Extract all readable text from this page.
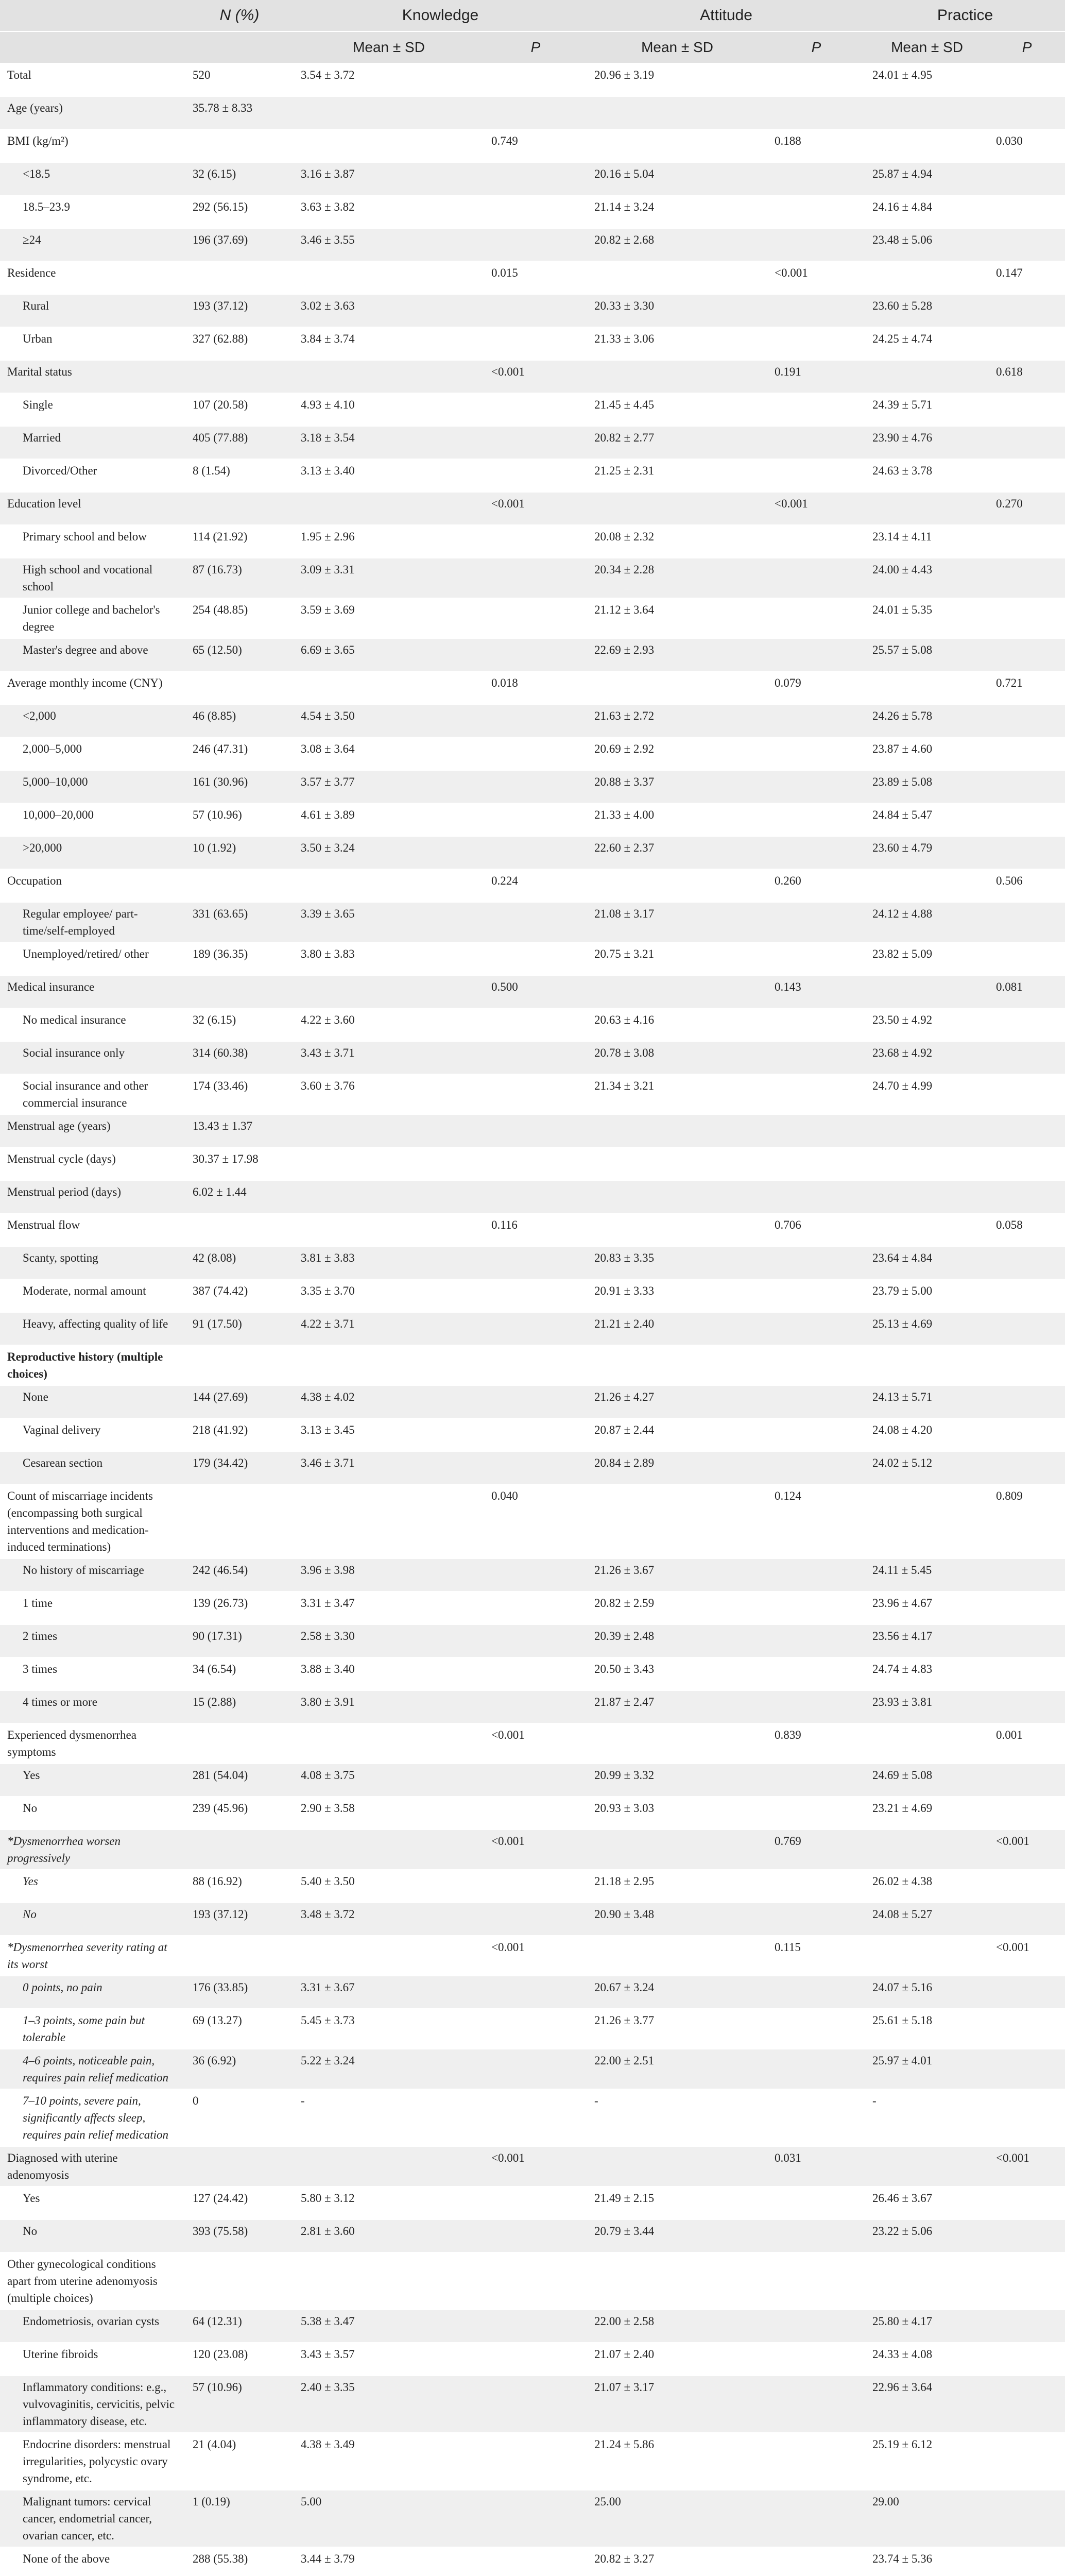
	N (%)	Knowledge		Attitude		Practice	
		Mean ± SD	P	Mean ± SD	P	Mean ± SD	P
Total	520	3.54 ± 3.72		20.96 ± 3.19		24.01 ± 4.95	
Age (years)	35.78 ± 8.33						
BMI (kg/m²)			0.749		0.188		0.030
<18.5	32 (6.15)	3.16 ± 3.87		20.16 ± 5.04		25.87 ± 4.94	
18.5–23.9	292 (56.15)	3.63 ± 3.82		21.14 ± 3.24		24.16 ± 4.84	
≥24	196 (37.69)	3.46 ± 3.55		20.82 ± 2.68		23.48 ± 5.06	
Residence			0.015		<0.001		0.147
Rural	193 (37.12)	3.02 ± 3.63		20.33 ± 3.30		23.60 ± 5.28	
Urban	327 (62.88)	3.84 ± 3.74		21.33 ± 3.06		24.25 ± 4.74	
Marital status			<0.001		0.191		0.618
Single	107 (20.58)	4.93 ± 4.10		21.45 ± 4.45		24.39 ± 5.71	
Married	405 (77.88)	3.18 ± 3.54		20.82 ± 2.77		23.90 ± 4.76	
Divorced/Other	8 (1.54)	3.13 ± 3.40		21.25 ± 2.31		24.63 ± 3.78	
Education level			<0.001		<0.001		0.270
Primary school and below	114 (21.92)	1.95 ± 2.96		20.08 ± 2.32		23.14 ± 4.11	
High school and vocational school	87 (16.73)	3.09 ± 3.31		20.34 ± 2.28		24.00 ± 4.43	
Junior college and bachelor's degree	254 (48.85)	3.59 ± 3.69		21.12 ± 3.64		24.01 ± 5.35	
Master's degree and above	65 (12.50)	6.69 ± 3.65		22.69 ± 2.93		25.57 ± 5.08	
Average monthly income (CNY)			0.018		0.079		0.721
<2,000	46 (8.85)	4.54 ± 3.50		21.63 ± 2.72		24.26 ± 5.78	
2,000–5,000	246 (47.31)	3.08 ± 3.64		20.69 ± 2.92		23.87 ± 4.60	
5,000–10,000	161 (30.96)	3.57 ± 3.77		20.88 ± 3.37		23.89 ± 5.08	
10,000–20,000	57 (10.96)	4.61 ± 3.89		21.33 ± 4.00		24.84 ± 5.47	
>20,000	10 (1.92)	3.50 ± 3.24		22.60 ± 2.37		23.60 ± 4.79	
Occupation			0.224		0.260		0.506
Regular employee/ part-time/self-employed	331 (63.65)	3.39 ± 3.65		21.08 ± 3.17		24.12 ± 4.88	
Unemployed/retired/ other	189 (36.35)	3.80 ± 3.83		20.75 ± 3.21		23.82 ± 5.09	
Medical insurance			0.500		0.143		0.081
No medical insurance	32 (6.15)	4.22 ± 3.60		20.63 ± 4.16		23.50 ± 4.92	
Social insurance only	314 (60.38)	3.43 ± 3.71		20.78 ± 3.08		23.68 ± 4.92	
Social insurance and other commercial insurance	174 (33.46)	3.60 ± 3.76		21.34 ± 3.21		24.70 ± 4.99	
Menstrual age (years)	13.43 ± 1.37						
Menstrual cycle (days)	30.37 ± 17.98						
Menstrual period (days)	6.02 ± 1.44						
Menstrual flow			0.116		0.706		0.058
Scanty, spotting	42 (8.08)	3.81 ± 3.83		20.83 ± 3.35		23.64 ± 4.84	
Moderate, normal amount	387 (74.42)	3.35 ± 3.70		20.91 ± 3.33		23.79 ± 5.00	
Heavy, affecting quality of life	91 (17.50)	4.22 ± 3.71		21.21 ± 2.40		25.13 ± 4.69	
Reproductive history (multiple choices)							
None	144 (27.69)	4.38 ± 4.02		21.26 ± 4.27		24.13 ± 5.71	
Vaginal delivery	218 (41.92)	3.13 ± 3.45		20.87 ± 2.44		24.08 ± 4.20	
Cesarean section	179 (34.42)	3.46 ± 3.71		20.84 ± 2.89		24.02 ± 5.12	
Count of miscarriage incidents (encompassing both surgical interventions and medication-induced terminations)			0.040		0.124		0.809
No history of miscarriage	242 (46.54)	3.96 ± 3.98		21.26 ± 3.67		24.11 ± 5.45	
1 time	139 (26.73)	3.31 ± 3.47		20.82 ± 2.59		23.96 ± 4.67	
2 times	90 (17.31)	2.58 ± 3.30		20.39 ± 2.48		23.56 ± 4.17	
3 times	34 (6.54)	3.88 ± 3.40		20.50 ± 3.43		24.74 ± 4.83	
4 times or more	15 (2.88)	3.80 ± 3.91		21.87 ± 2.47		23.93 ± 3.81	
Experienced dysmenorrhea symptoms			<0.001		0.839		0.001
Yes	281 (54.04)	4.08 ± 3.75		20.99 ± 3.32		24.69 ± 5.08	
No	239 (45.96)	2.90 ± 3.58		20.93 ± 3.03		23.21 ± 4.69	
*Dysmenorrhea worsen progressively			<0.001		0.769		<0.001
Yes	88 (16.92)	5.40 ± 3.50		21.18 ± 2.95		26.02 ± 4.38	
No	193 (37.12)	3.48 ± 3.72		20.90 ± 3.48		24.08 ± 5.27	
*Dysmenorrhea severity rating at its worst			<0.001		0.115		<0.001
0 points, no pain	176 (33.85)	3.31 ± 3.67		20.67 ± 3.24		24.07 ± 5.16	
1–3 points, some pain but tolerable	69 (13.27)	5.45 ± 3.73		21.26 ± 3.77		25.61 ± 5.18	
4–6 points, noticeable pain, requires pain relief medication	36 (6.92)	5.22 ± 3.24		22.00 ± 2.51		25.97 ± 4.01	
7–10 points, severe pain, significantly affects sleep, requires pain relief medication	0	-		-		-	
Diagnosed with uterine adenomyosis			<0.001		0.031		<0.001
Yes	127 (24.42)	5.80 ± 3.12		21.49 ± 2.15		26.46 ± 3.67	
No	393 (75.58)	2.81 ± 3.60		20.79 ± 3.44		23.22 ± 5.06	
Other gynecological conditions apart from uterine adenomyosis (multiple choices)							
Endometriosis, ovarian cysts	64 (12.31)	5.38 ± 3.47		22.00 ± 2.58		25.80 ± 4.17	
Uterine fibroids	120 (23.08)	3.43 ± 3.57		21.07 ± 2.40		24.33 ± 4.08	
Inflammatory conditions: e.g., vulvovaginitis, cervicitis, pelvic inflammatory disease, etc.	57 (10.96)	2.40 ± 3.35		21.07 ± 3.17		22.96 ± 3.64	
Endocrine disorders: menstrual irregularities, polycystic ovary syndrome, etc.	21 (4.04)	4.38 ± 3.49		21.24 ± 5.86		25.19 ± 6.12	
Malignant tumors: cervical cancer, endometrial cancer, ovarian cancer, etc.	1 (0.19)	5.00		25.00		29.00	
None of the above	288 (55.38)	3.44 ± 3.79		20.82 ± 3.27		23.74 ± 5.36	
